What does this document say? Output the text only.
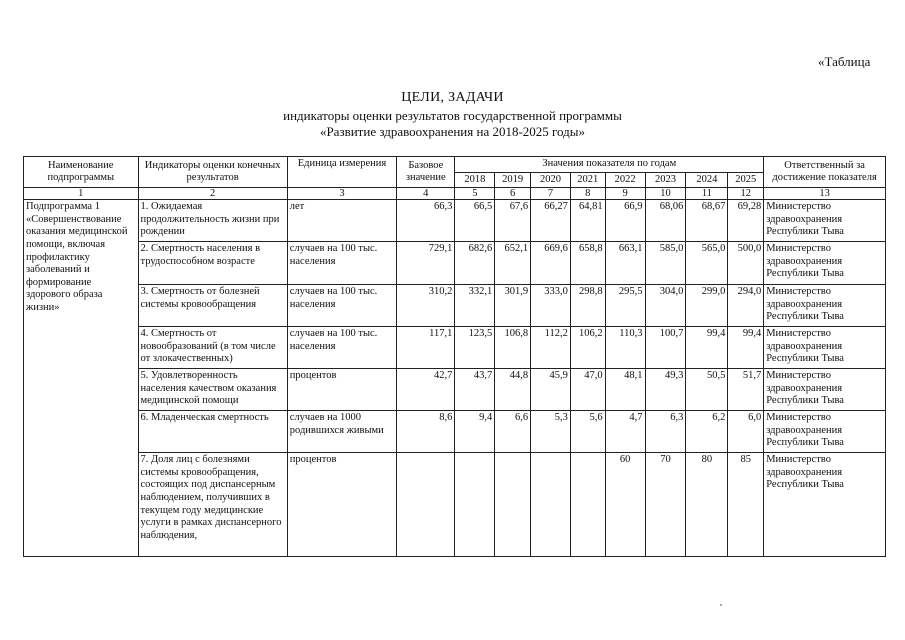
«Таблица
ЦЕЛИ, ЗАДАЧИ
индикаторы оценки результатов государственной программы
«Развитие здравоохранения на 2018-2025 годы»
Наименование подпрограммы	Индикаторы оценки конечных результатов	Единица измерения	Базовое значение	Значения показателя по годам								Ответственный за достижение показателя
				2018	2019	2020	2021	2022	2023	2024	2025	
1	2	3	4	5	6	7	8	9	10	11	12	13
Подпрограмма 1 «Совершенствование оказания медицинской помощи, включая профилактику заболеваний и формирование здорового образа жизни»	1. Ожидаемая продолжительность жизни при рождении	лет	66,3	66,5	67,6	66,27	64,81	66,9	68,06	68,67	69,28	Министерство здравоохранения Республики Тыва
	2. Смертность населения в трудоспособном возрасте	случаев на 100 тыс. населения	729,1	682,6	652,1	669,6	658,8	663,1	585,0	565,0	500,0	Министерство здравоохранения Республики Тыва
	3. Смертность от болезней системы кровообращения	случаев на 100 тыс. населения	310,2	332,1	301,9	333,0	298,8	295,5	304,0	299,0	294,0	Министерство здравоохранения Республики Тыва
	4. Смертность от новообразований (в том числе от злокачественных)	случаев на 100 тыс. населения	117,1	123,5	106,8	112,2	106,2	110,3	100,7	99,4	99,4	Министерство здравоохранения Республики Тыва
	5. Удовлетворенность населения качеством оказания медицинской помощи	процентов	42,7	43,7	44,8	45,9	47,0	48,1	49,3	50,5	51,7	Министерство здравоохранения Республики Тыва
	6. Младенческая смертность	случаев на 1000 родившихся живыми	8,6	9,4	6,6	5,3	5,6	4,7	6,3	6,2	6,0	Министерство здравоохранения Республики Тыва
	7. Доля лиц с болезнями системы кровообращения, состоящих под диспансерным наблюдением, получивших в текущем году медицинские услуги в рамках диспансерного наблюдения,	процентов						60	70	80	85	Министерство здравоохранения Республики Тыва
